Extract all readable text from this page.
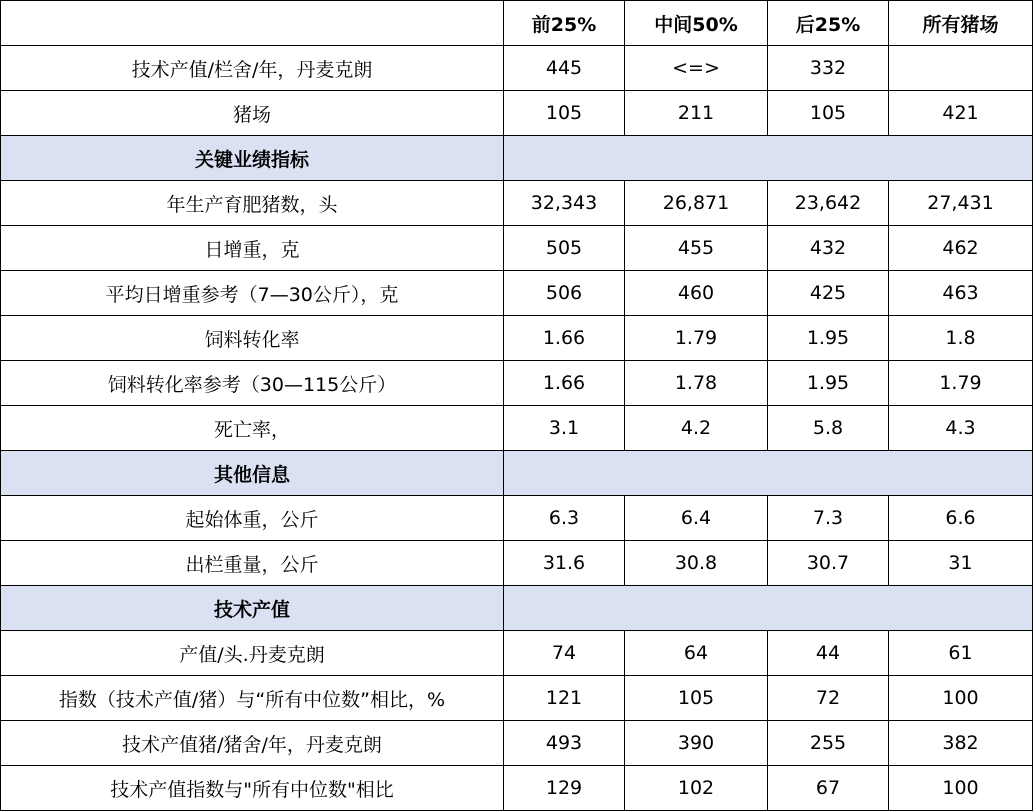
	前25%	中间50%	后25%	所有猪场
技术产值/栏舍/年，丹麦克朗	445	<=>	332	
猪场	105	211	105	421
关键业绩指标				
年生产育肥猪数，头	32,343	26,871	23,642	27,431
日增重，克	505	455	432	462
平均日增重参考（7—30公斤），克	506	460	425	463
饲料转化率	1.66	1.79	1.95	1.8
饲料转化率参考（30—115公斤）	1.66	1.78	1.95	1.79
死亡率，	3.1	4.2	5.8	4.3
其他信息				
起始体重，公斤	6.3	6.4	7.3	6.6
出栏重量，公斤	31.6	30.8	30.7	31
技术产值				
产值/头.丹麦克朗	74	64	44	61
指数（技术产值/猪）与“所有中位数”相比，%	121	105	72	100
技术产值猪/猪舍/年，丹麦克朗	493	390	255	382
技术产值指数与"所有中位数"相比	129	102	67	100
